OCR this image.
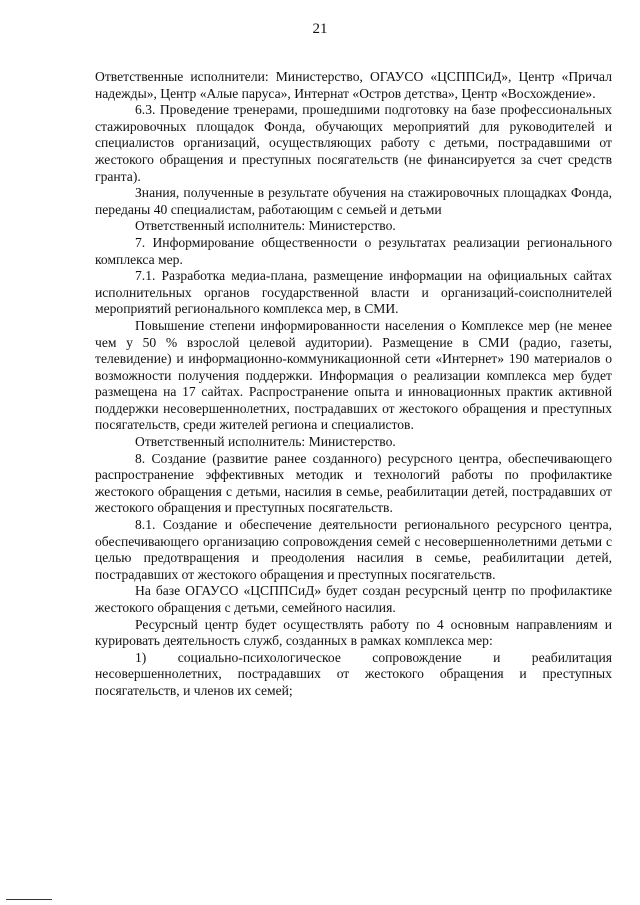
21

Ответственные исполнители: Министерство, ОГАУСО «ЦСППСиД», Центр «Причал надежды», Центр «Алые паруса», Интернат «Остров детства», Центр «Восхождение».

6.3. Проведение тренерами, прошедшими подготовку на базе профессиональных стажировочных площадок Фонда, обучающих мероприятий для руководителей и специалистов организаций, осуществляющих работу с детьми, пострадавшими от жестокого обращения и преступных посягательств (не финансируется за счет средств гранта).

Знания, полученные в результате обучения на стажировочных площадках Фонда, переданы 40 специалистам, работающим с семьей и детьми

Ответственный исполнитель: Министерство.

7. Информирование общественности о результатах реализации регионального комплекса мер.

7.1. Разработка медиа-плана, размещение информации на официальных сайтах исполнительных органов государственной власти и организаций-соисполнителей мероприятий регионального комплекса мер, в СМИ.

Повышение степени информированности населения о Комплексе мер (не менее чем у 50 % взрослой целевой аудитории). Размещение в СМИ (радио, газеты, телевидение) и информационно-коммуникационной сети «Интернет» 190 материалов о возможности получения поддержки. Информация о реализации комплекса мер будет размещена на 17 сайтах. Распространение опыта и инновационных практик активной поддержки несовершеннолетних, пострадавших от жестокого обращения и преступных посягательств, среди жителей региона и специалистов.

Ответственный исполнитель: Министерство.

8. Создание (развитие ранее созданного) ресурсного центра, обеспечивающего распространение эффективных методик и технологий работы по профилактике жестокого обращения с детьми, насилия в семье, реабилитации детей, пострадавших от жестокого обращения и преступных посягательств.

8.1. Создание и обеспечение деятельности регионального ресурсного центра, обеспечивающего организацию сопровождения семей с несовершеннолетними детьми с целью предотвращения и преодоления насилия в семье, реабилитации детей, пострадавших от жестокого обращения и преступных посягательств.

На базе ОГАУСО «ЦСППСиД» будет создан ресурсный центр по профилактике жестокого обращения с детьми, семейного насилия.

Ресурсный центр будет осуществлять работу по 4 основным направлениям и курировать деятельность служб, созданных в рамках комплекса мер:

1) социально-психологическое сопровождение и реабилитация несовершеннолетних, пострадавших от жестокого обращения и преступных посягательств, и членов их семей;
